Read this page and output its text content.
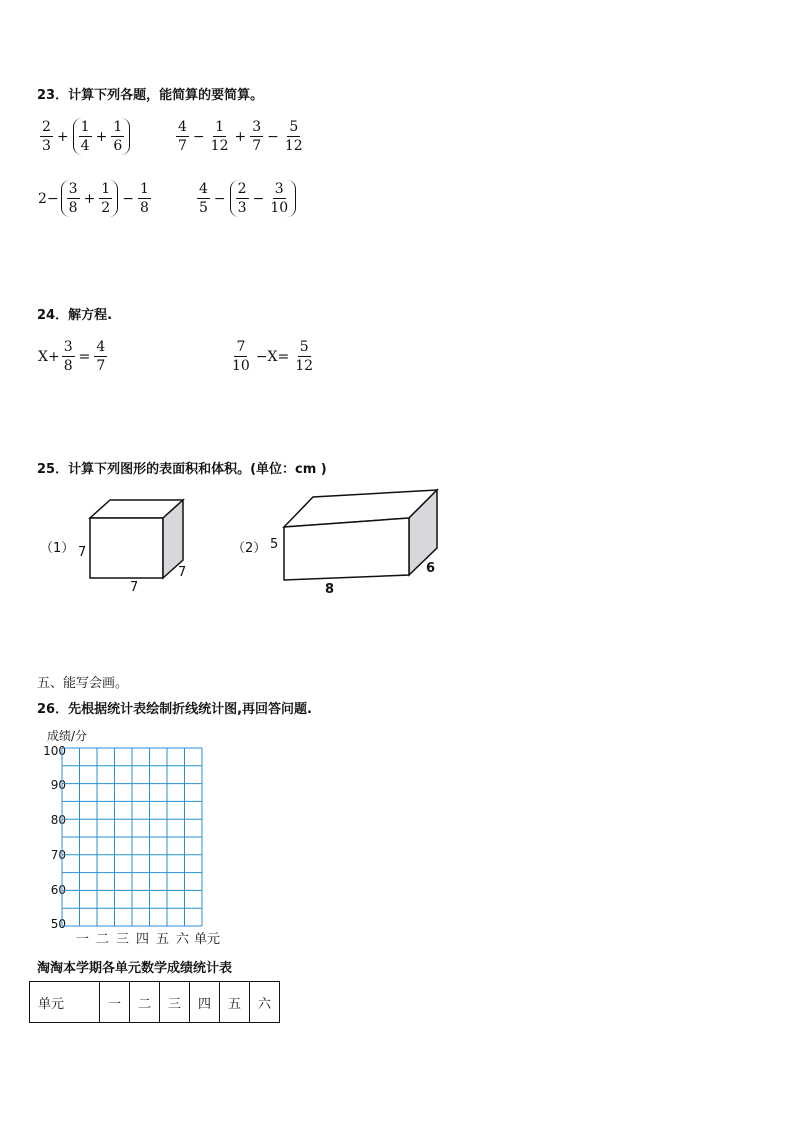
23．计算下列各题，能简算的要简算。
$\frac{2}{3} + \frac{1}{4} + \frac{1}{6}$	$\frac{4}{7} - \frac{1}{12} + \frac{3}{7} - \frac{5}{12}$
$2- \frac{3}{8} + \frac{1}{2} - \frac{1}{8}$	$\frac{4}{5} - \frac{2}{3} - \frac{3}{10}$
24．解方程.
$X+ \frac{3}{8} = \frac{4}{7}$	$\frac{7}{10} -X= \frac{5}{12}$
25．计算下列图形的表面积和体积。(单位：cm )
（1） 7
7
7
（2） 5
8
6
五、能写会画。
26．先根据统计表绘制折线统计图,再回答问题.
成绩/分
100
90
80
70
60
50
一 二 三 四 五 六 单元
淘淘本学期各单元数学成绩统计表
单元	一	二	三	四	五	六
